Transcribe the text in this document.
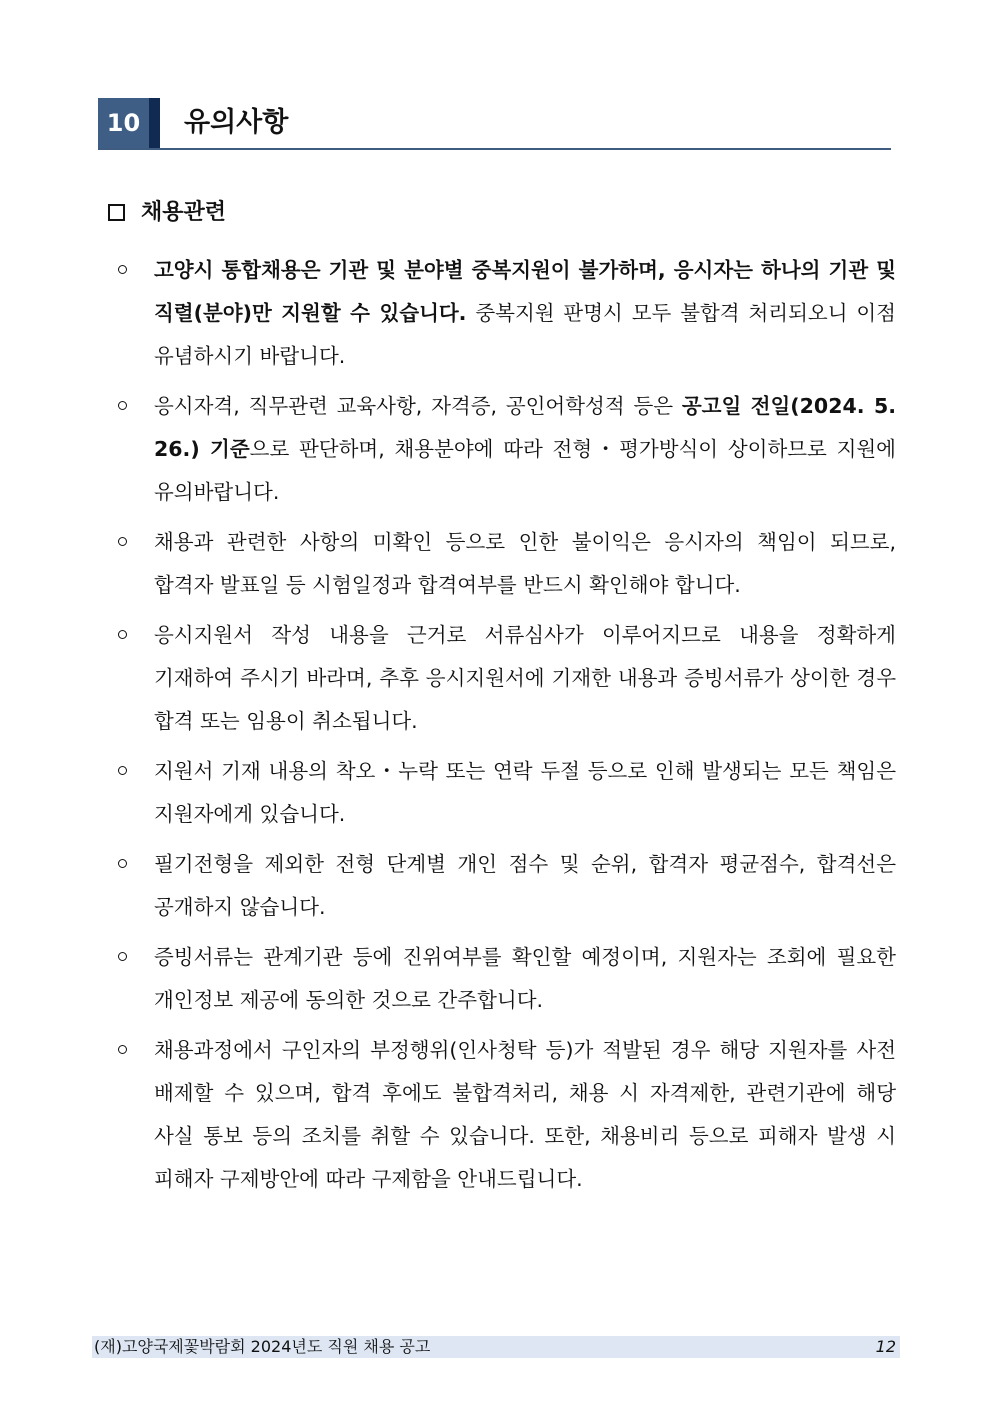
10	유의사항
채용관련
고양시 통합채용은 기관 및 분야별 중복지원이 불가하며, 응시자는 하나의 기관 및 직렬(분야)만 지원할 수 있습니다. 중복지원 판명시 모두 불합격 처리되오니 이점 유념하시기 바랍니다.
응시자격, 직무관련 교육사항, 자격증, 공인어학성적 등은 공고일 전일(2024. 5. 26.) 기준으로 판단하며, 채용분야에 따라 전형・평가방식이 상이하므로 지원에 유의바랍니다.
채용과 관련한 사항의 미확인 등으로 인한 불이익은 응시자의 책임이 되므로, 합격자 발표일 등 시험일정과 합격여부를 반드시 확인해야 합니다.
응시지원서 작성 내용을 근거로 서류심사가 이루어지므로 내용을 정확하게 기재하여 주시기 바라며, 추후 응시지원서에 기재한 내용과 증빙서류가 상이한 경우 합격 또는 임용이 취소됩니다.
지원서 기재 내용의 착오・누락 또는 연락 두절 등으로 인해 발생되는 모든 책임은 지원자에게 있습니다.
필기전형을 제외한 전형 단계별 개인 점수 및 순위, 합격자 평균점수, 합격선은 공개하지 않습니다.
증빙서류는 관계기관 등에 진위여부를 확인할 예정이며, 지원자는 조회에 필요한 개인정보 제공에 동의한 것으로 간주합니다.
채용과정에서 구인자의 부정행위(인사청탁 등)가 적발된 경우 해당 지원자를 사전 배제할 수 있으며, 합격 후에도 불합격처리, 채용 시 자격제한, 관련기관에 해당 사실 통보 등의 조치를 취할 수 있습니다. 또한, 채용비리 등으로 피해자 발생 시 피해자 구제방안에 따라 구제함을 안내드립니다.
(재)고양국제꽃박람회 2024년도 직원 채용 공고	12
